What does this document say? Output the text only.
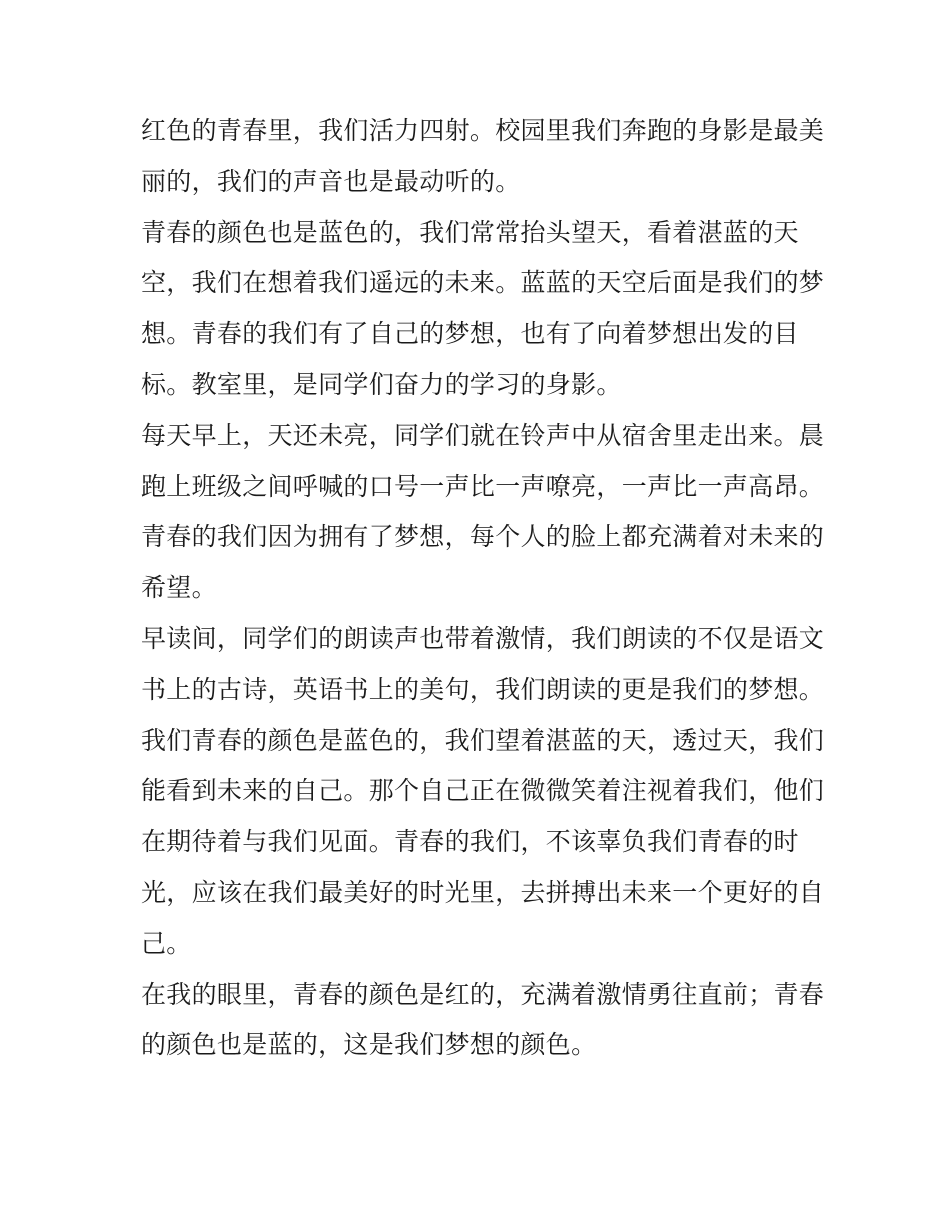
红色的青春里，我们活力四射。校园里我们奔跑的身影是最美
丽的，我们的声音也是最动听的。
青春的颜色也是蓝色的，我们常常抬头望天，看着湛蓝的天
空，我们在想着我们遥远的未来。蓝蓝的天空后面是我们的梦
想。青春的我们有了自己的梦想，也有了向着梦想出发的目
标。教室里，是同学们奋力的学习的身影。
每天早上，天还未亮，同学们就在铃声中从宿舍里走出来。晨
跑上班级之间呼喊的口号一声比一声嘹亮，一声比一声高昂。
青春的我们因为拥有了梦想，每个人的脸上都充满着对未来的
希望。
早读间，同学们的朗读声也带着激情，我们朗读的不仅是语文
书上的古诗，英语书上的美句，我们朗读的更是我们的梦想。
我们青春的颜色是蓝色的，我们望着湛蓝的天，透过天，我们
能看到未来的自己。那个自己正在微微笑着注视着我们，他们
在期待着与我们见面。青春的我们，不该辜负我们青春的时
光，应该在我们最美好的时光里，去拼搏出未来一个更好的自
己。
在我的眼里，青春的颜色是红的，充满着激情勇往直前；青春
的颜色也是蓝的，这是我们梦想的颜色。
